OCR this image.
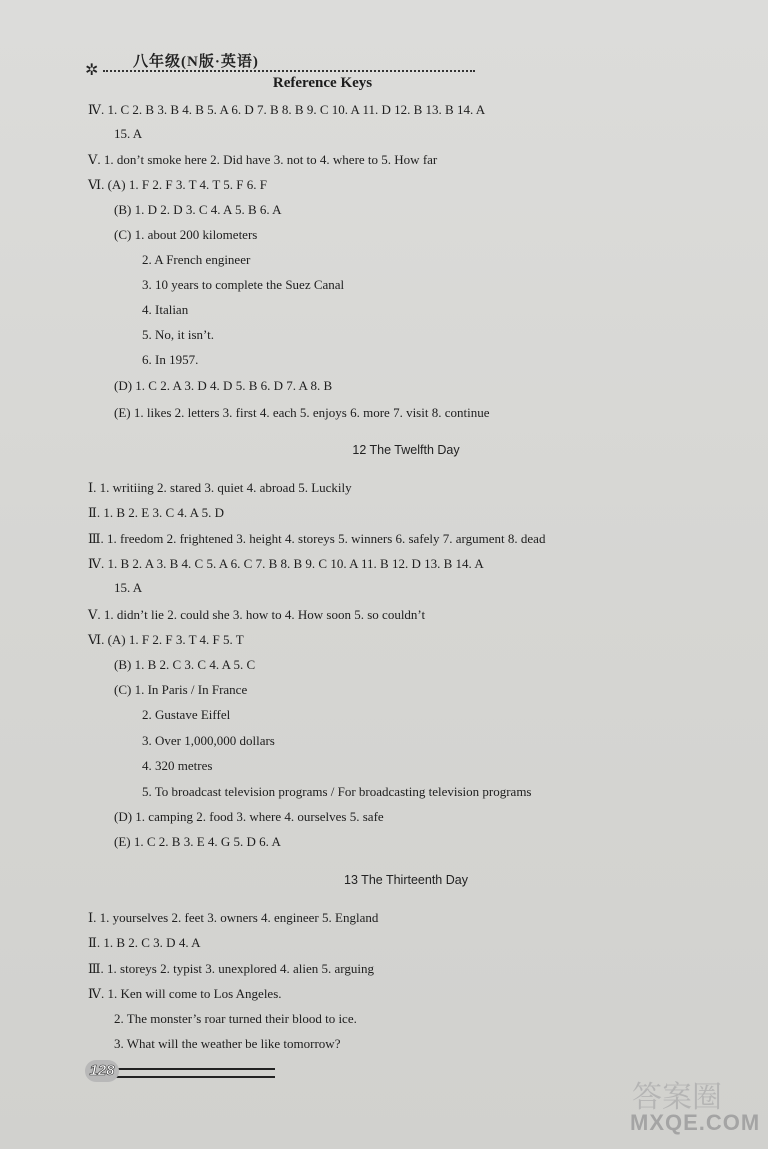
✲ 八年级(N版·英语)
Reference Keys
Ⅳ. 1. C 2. B 3. B 4. B 5. A 6. D 7. B 8. B 9. C 10. A 11. D 12. B 13. B 14. A
15. A
Ⅴ. 1. don’t smoke here 2. Did have 3. not to 4. where to 5. How far
Ⅵ. (A) 1. F 2. F 3. T 4. T 5. F 6. F
(B) 1. D 2. D 3. C 4. A 5. B 6. A
(C) 1. about 200 kilometers
2. A French engineer
3. 10 years to complete the Suez Canal
4. Italian
5. No, it isn’t.
6. In 1957.
(D) 1. C 2. A 3. D 4. D 5. B 6. D 7. A 8. B
(E) 1. likes 2. letters 3. first 4. each 5. enjoys 6. more 7. visit 8. continue
Ⅰ. 1. writiing 2. stared 3. quiet 4. abroad 5. Luckily
Ⅱ. 1. B 2. E 3. C 4. A 5. D
Ⅲ. 1. freedom 2. frightened 3. height 4. storeys 5. winners 6. safely 7. argument 8. dead
Ⅳ. 1. B 2. A 3. B 4. C 5. A 6. C 7. B 8. B 9. C 10. A 11. B 12. D 13. B 14. A
15. A
Ⅴ. 1. didn’t lie 2. could she 3. how to 4. How soon 5. so couldn’t
Ⅵ. (A) 1. F 2. F 3. T 4. F 5. T
(B) 1. B 2. C 3. C 4. A 5. C
(C) 1. In Paris / In France
2. Gustave Eiffel
3. Over 1,000,000 dollars
4. 320 metres
5. To broadcast television programs / For broadcasting television programs
(D) 1. camping 2. food 3. where 4. ourselves 5. safe
(E) 1. C 2. B 3. E 4. G 5. D 6. A
Ⅰ. 1. yourselves 2. feet 3. owners 4. engineer 5. England
Ⅱ. 1. B 2. C 3. D 4. A
Ⅲ. 1. storeys 2. typist 3. unexplored 4. alien 5. arguing
Ⅳ. 1. Ken will come to Los Angeles.
2. The monster’s roar turned their blood to ice.
3. What will the weather be like tomorrow?
12 The Twelfth Day
13 The Thirteenth Day
128
答案圈
MXQE.COM
